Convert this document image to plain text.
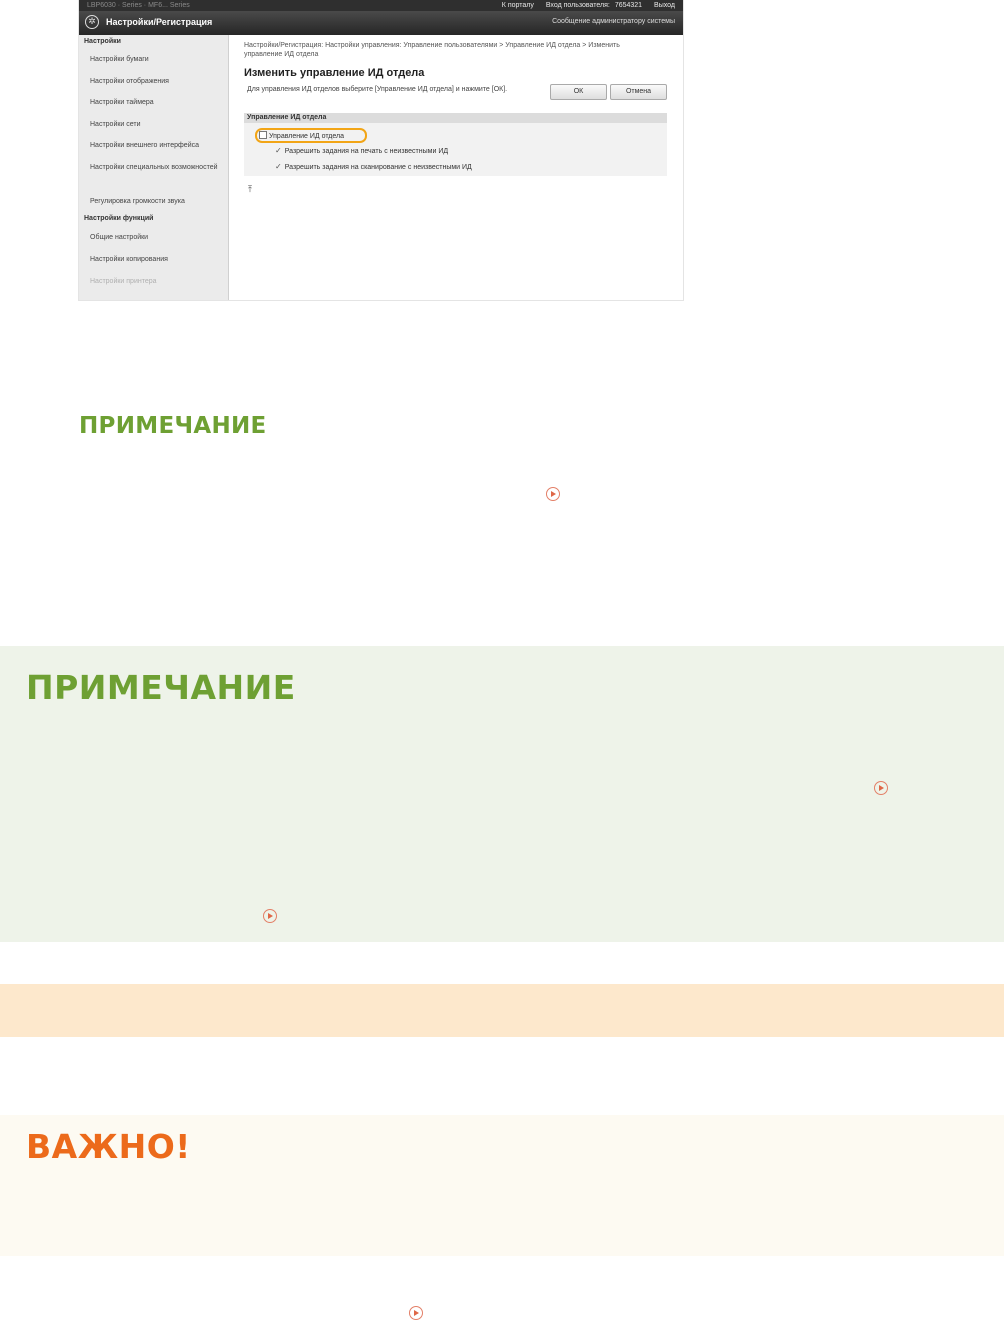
LBP6030 · Series · MF6... Series	К порталу Вход пользователя: 7654321 Выход
✲	Настройки/Регистрация	Сообщение администратору системы
Настройки
Настройки бумаги
Настройки отображения
Настройки таймера
Настройки сети
Настройки внешнего интерфейса
Настройки специальных возможностей
Регулировка громкости звука
Настройки функций
Общие настройки
Настройки копирования
Настройки принтера
Настройки/Регистрация: Настройки управления: Управление пользователями > Управление ИД отдела > Изменить управление ИД отдела
Изменить управление ИД отдела
Для управления ИД отделов выберите [Управление ИД отдела] и нажмите [ОК].	ОК	Отмена
Управление ИД отдела
Управление ИД отдела
✓ Разрешить задания на печать с неизвестными ИД
✓ Разрешить задания на сканирование с неизвестными ИД
⤒
ПРИМЕЧАНИЕ
ПРИМЕЧАНИЕ
ВАЖНО!
